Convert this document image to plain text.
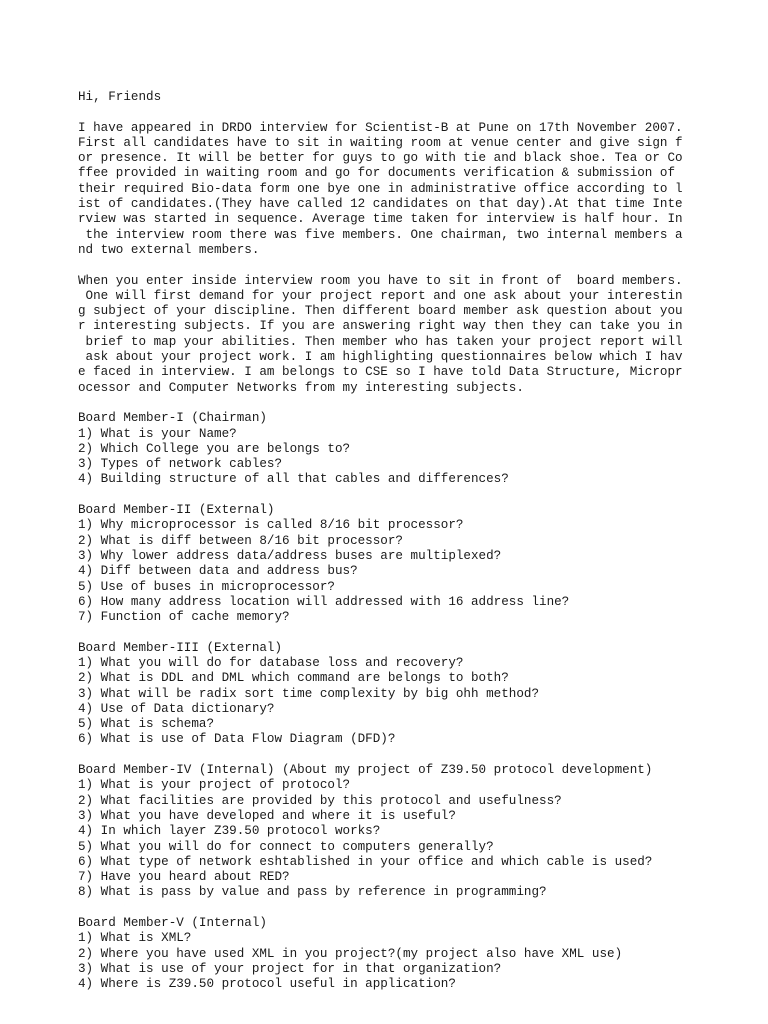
Hi, Friends
I have appeared in DRDO interview for Scientist-B at Pune on 17th November 2007.
First all candidates have to sit in waiting room at venue center and give sign f
or presence. It will be better for guys to go with tie and black shoe. Tea or Co
ffee provided in waiting room and go for documents verification & submission of
their required Bio-data form one bye one in administrative office according to l
ist of candidates.(They have called 12 candidates on that day).At that time Inte
rview was started in sequence. Average time taken for interview is half hour. In
the interview room there was five members. One chairman, two internal members a
nd two external members.
When you enter inside interview room you have to sit in front of  board members.
One will first demand for your project report and one ask about your interestin
g subject of your discipline. Then different board member ask question about you
r interesting subjects. If you are answering right way then they can take you in
brief to map your abilities. Then member who has taken your project report will
ask about your project work. I am highlighting questionnaires below which I hav
e faced in interview. I am belongs to CSE so I have told Data Structure, Micropr
ocessor and Computer Networks from my interesting subjects.
Board Member-I (Chairman)
1) What is your Name?
2) Which College you are belongs to?
3) Types of network cables?
4) Building structure of all that cables and differences?
Board Member-II (External)
1) Why microprocessor is called 8/16 bit processor?
2) What is diff between 8/16 bit processor?
3) Why lower address data/address buses are multiplexed?
4) Diff between data and address bus?
5) Use of buses in microprocessor?
6) How many address location will addressed with 16 address line?
7) Function of cache memory?
Board Member-III (External)
1) What you will do for database loss and recovery?
2) What is DDL and DML which command are belongs to both?
3) What will be radix sort time complexity by big ohh method?
4) Use of Data dictionary?
5) What is schema?
6) What is use of Data Flow Diagram (DFD)?
Board Member-IV (Internal) (About my project of Z39.50 protocol development)
1) What is your project of protocol?
2) What facilities are provided by this protocol and usefulness?
3) What you have developed and where it is useful?
4) In which layer Z39.50 protocol works?
5) What you will do for connect to computers generally?
6) What type of network eshtablished in your office and which cable is used?
7) Have you heard about RED?
8) What is pass by value and pass by reference in programming?
Board Member-V (Internal)
1) What is XML?
2) Where you have used XML in you project?(my project also have XML use)
3) What is use of your project for in that organization?
4) Where is Z39.50 protocol useful in application?
